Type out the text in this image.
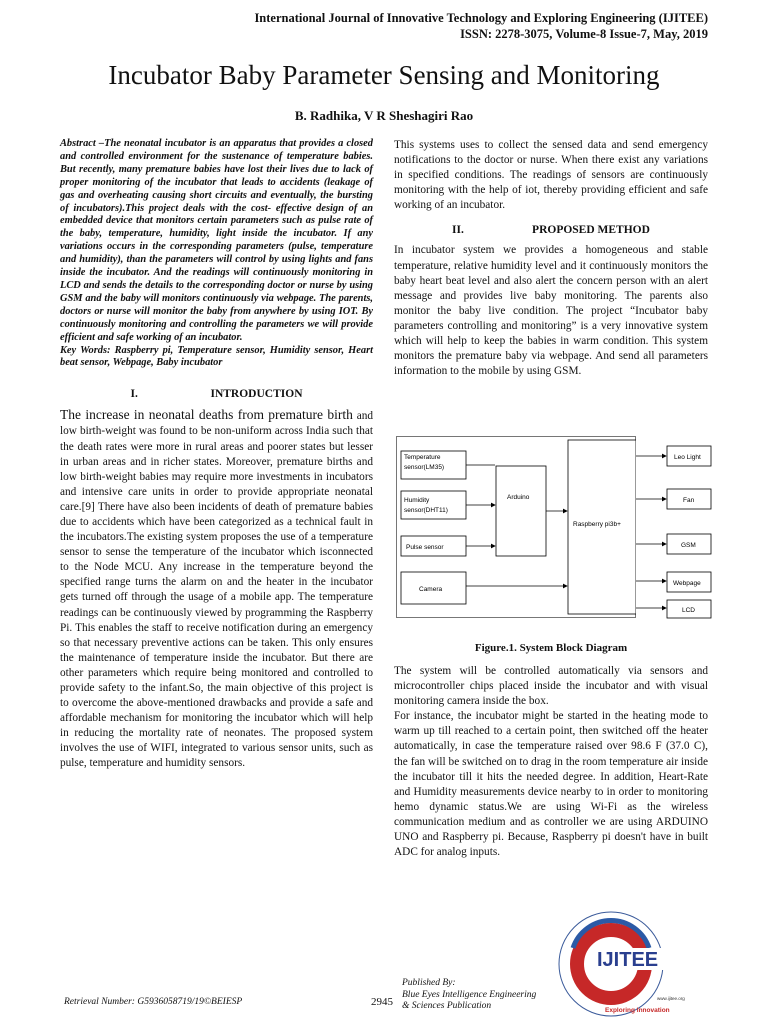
International Journal of Innovative Technology and Exploring Engineering (IJITEE)
ISSN: 2278-3075, Volume-8 Issue-7, May, 2019
Incubator Baby Parameter Sensing and Monitoring
B. Radhika, V R Sheshagiri Rao

Abstract –The neonatal incubator is an apparatus that provides a closed and controlled environment for the sustenance of temperature babies. But recently, many premature babies have lost their lives due to lack of proper monitoring of the incubator that leads to accidents (leakage of gas and overheating causing short circuits and eventually, the bursting of incubators).This project deals with the cost- effective design of an embedded device that monitors certain parameters such as pulse rate of the baby, temperature, humidity, light inside the incubator. If any variations occurs in the corresponding parameters (pulse, temperature and humidity), than the parameters will control by using lights and fans inside the incubator. And the readings will continuously monitoring in LCD and sends the details to the corresponding doctor or nurse by using GSM and the baby will monitors continuously via webpage. The parents, doctors or nurse will monitor the baby from anywhere by using IOT. By continuously monitoring and controlling the parameters we will provide efficient and safe working of an incubator.

Key Words: Raspberry pi, Temperature sensor, Humidity sensor, Heart beat sensor, Webpage, Baby incubator

I.	INTRODUCTION

The increase in neonatal deaths from premature birth and low birth-weight was found to be non-uniform across India such that the death rates were more in rural areas and poorer states but lesser in urban areas and in richer states. Moreover, premature births and low birth-weight babies may require more investments in incubators and intensive care units in order to provide appropriate neonatal care.[9] There have also been incidents of death of premature babies due to accidents which have been categorized as a technical fault in the incubators.The existing system proposes the use of a temperature sensor to sense the temperature of the incubator which isconnected to the Node MCU. Any increase in the temperature beyond the specified range turns the alarm on and the heater in the incubator gets turned off through the usage of a mobile app. The temperature readings can be continuously viewed by programming the Raspberry Pi. This enables the staff to receive notification during an emergency so that necessary preventive actions can be taken. This only ensures the maintenance of temperature inside the incubator. But there are other parameters which require being monitored and controlled to provide safety to the infant.So, the main objective of this project is to overcome the above-mentioned drawbacks and provide a safe and affordable mechanism for monitoring the incubator which will help in reducing the mortality rate of neonates. The proposed system involves the use of WIFI, integrated to various sensor units, such as pulse, temperature and humidity sensors.

This systems uses to collect the sensed data and send emergency notifications to the doctor or nurse. When there exist any variations in specified conditions. The readings of sensors are continuously monitoring with the help of iot, thereby providing efficient and safe working of an incubator.

II.	PROPOSED METHOD

In incubator system we provides a homogeneous and stable temperature, relative humidity level and it continuously monitors the baby heart beat level and also alert the concern person with an alert message and provides live baby monitoring. The parents also monitor the baby live condition. The project “Incubator baby parameters controlling and monitoring” is a very innovative system which will help to keep the babies in warm condition. This system monitors the premature baby via webpage. And send all parameters information to the mobile by using GSM.

Temperature sensor(LM35)
Humidity sensor(DHT11)
Pulse sensor
Camera
Arduino
Raspberry pi3b+
Leo Light
Fan
GSM
Webpage
LCD
Figure.1. System Block Diagram

The system will be controlled automatically via sensors and microcontroller chips placed inside the incubator and with visual monitoring camera inside the box.

For instance, the incubator might be started in the heating mode to warm up till reached to a certain point, then switched off the heater automatically, in case the temperature raised over 98.6 F (37.0 C), the fan will be switched on to drag in the room temperature air inside the incubator till it hits the needed degree. In addition, Heart-Rate and Humidity measurements device nearby to in order to monitoring hemo dynamic status.We are using Wi-Fi as the wireless communication medium and as controller we are using ARDUINO UNO and Raspberry pi. Because, Raspberry pi doesn't have in built ADC for analog inputs.

IJITEE
Exploring Innovation
www.ijitee.org
Retrieval Number: G5936058719/19©BEIESP	2945
Published By:
Blue Eyes Intelligence Engineering
& Sciences Publication
